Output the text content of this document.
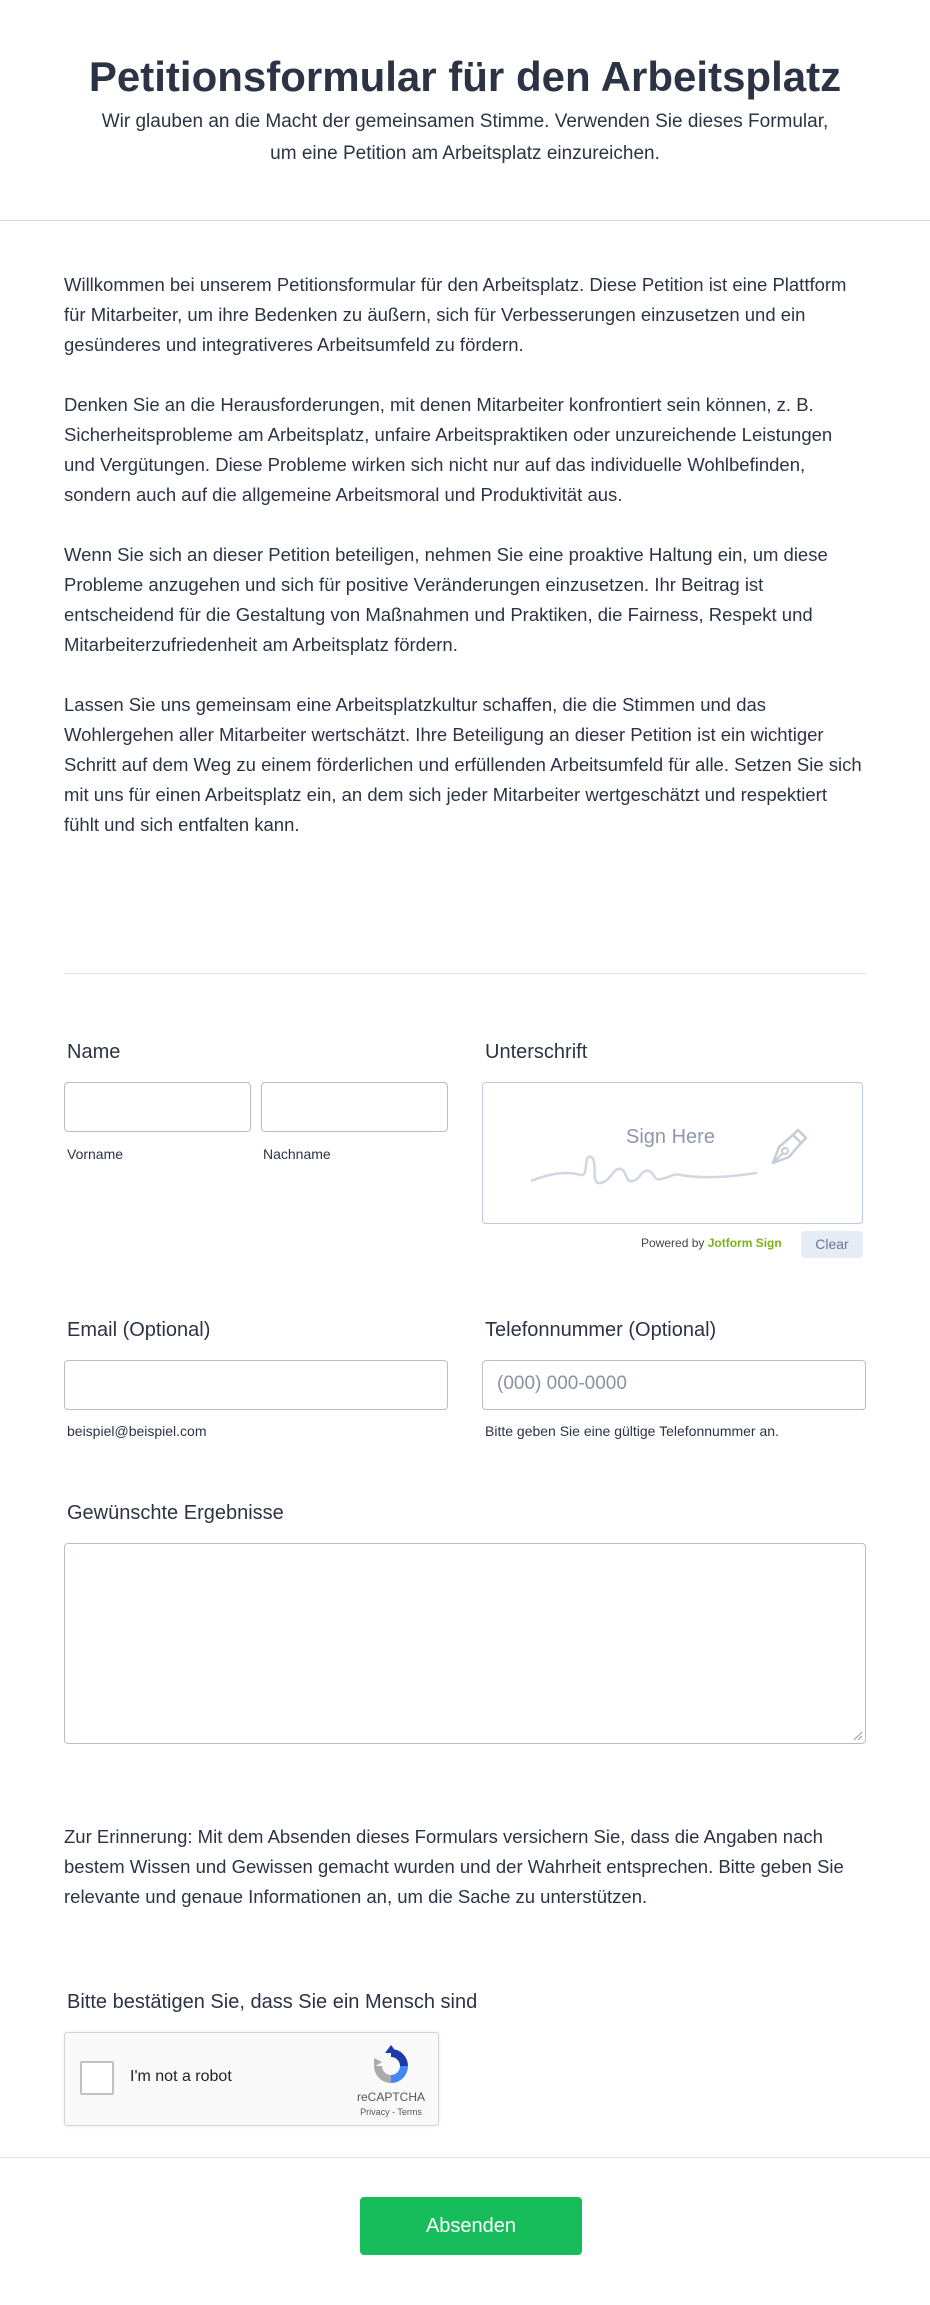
Petitionsformular für den Arbeitsplatz

Wir glauben an die Macht der gemeinsamen Stimme. Verwenden Sie dieses Formular, um eine Petition am Arbeitsplatz einzureichen.

Willkommen bei unserem Petitionsformular für den Arbeitsplatz. Diese Petition ist eine Plattform für Mitarbeiter, um ihre Bedenken zu äußern, sich für Verbesserungen einzusetzen und ein gesünderes und integrativeres Arbeitsumfeld zu fördern.

Denken Sie an die Herausforderungen, mit denen Mitarbeiter konfrontiert sein können, z. B. Sicherheitsprobleme am Arbeitsplatz, unfaire Arbeitspraktiken oder unzureichende Leistungen und Vergütungen. Diese Probleme wirken sich nicht nur auf das individuelle Wohlbefinden, sondern auch auf die allgemeine Arbeitsmoral und Produktivität aus.

Wenn Sie sich an dieser Petition beteiligen, nehmen Sie eine proaktive Haltung ein, um diese Probleme anzugehen und sich für positive Veränderungen einzusetzen. Ihr Beitrag ist entscheidend für die Gestaltung von Maßnahmen und Praktiken, die Fairness, Respekt und Mitarbeiterzufriedenheit am Arbeitsplatz fördern.

Lassen Sie uns gemeinsam eine Arbeitsplatzkultur schaffen, die die Stimmen und das Wohlergehen aller Mitarbeiter wertschätzt. Ihre Beteiligung an dieser Petition ist ein wichtiger Schritt auf dem Weg zu einem förderlichen und erfüllenden Arbeitsumfeld für alle. Setzen Sie sich mit uns für einen Arbeitsplatz ein, an dem sich jeder Mitarbeiter wertgeschätzt und respektiert fühlt und sich entfalten kann.

Name
Vorname	Nachname
Unterschrift
Sign Here
Powered by Jotform Sign	Clear
Email (Optional)
beispiel@beispiel.com
Telefonnummer (Optional)
(000) 000-0000
Bitte geben Sie eine gültige Telefonnummer an.
Gewünschte Ergebnisse
Zur Erinnerung: Mit dem Absenden dieses Formulars versichern Sie, dass die Angaben nach bestem Wissen und Gewissen gemacht wurden und der Wahrheit entsprechen. Bitte geben Sie relevante und genaue Informationen an, um die Sache zu unterstützen.
Bitte bestätigen Sie, dass Sie ein Mensch sind
I'm not a robot
reCAPTCHA
Privacy - Terms
Absenden
